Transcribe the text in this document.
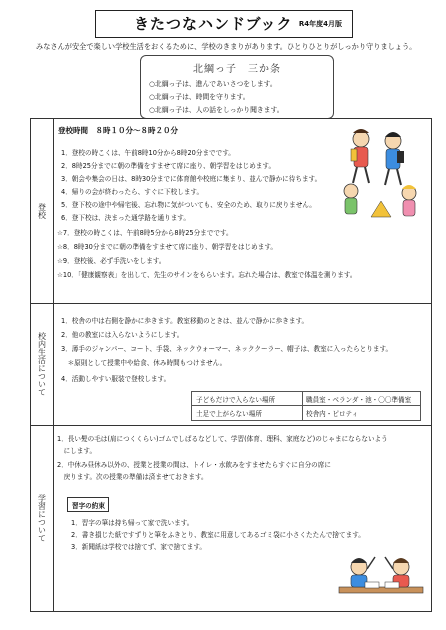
きたつなハンドブック R4年度4月版
みなさんが安全で楽しい学校生活をおくるために、学校のきまりがあります。ひとりひとりがしっかり守りましょう。
北綱っ子　三か条
○北綱っ子は、進んであいさつをします。
○北綱っ子は、時間を守ります。
○北綱っ子は、人の話をしっかり聞きます。
登校
校内生活について
学習について
登校時間　８時１０分～８時２０分
1．登校の時こくは、午前8時10分から8時20分までです。
2．8時25分までに朝の準備をすませて席に座り、朝学習をはじめます。
3．朝会や集会の日は、8時30分までに体育館や校庭に集まり、並んで静かに待ちます。
4．帰りの会が終わったら、すぐに下校します。
5．登下校の途中や帰宅後、忘れ物に気がついても、安全のため、取りに戻りません。
6．登下校は、決まった通学路を通ります。
☆7．登校の時こくは、午前8時5分から8時25分までです。
☆8．8時30分までに朝の準備をすませて席に座り、朝学習をはじめます。
☆9．登校後、必ず手洗いをします。
☆10．「健康観察表」を出して、先生のサインをもらいます。忘れた場合は、教室で体温を測ります。
1．校舎の中は右側を静かに歩きます。教室移動のときは、並んで静かに歩きます。
2．他の教室には入らないようにします。
3．薄手のジャンパー、コート、手袋、ネックウォーマー、ネッククーラー、帽子は、教室に入ったらとります。
　＊原則として授業中や給食、休み時間もつけません。
4．活動しやすい服装で登校します。
子どもだけで入らない場所	職員室・ベランダ・池・〇〇準備室
土足で上がらない場所	校舎内・ピロティ
1．長い髪の毛は(肩につくくらい)ゴムでしばるなどして、学習(体育、理科、家庭など)のじゃまにならないよう
　にします。
2．中休み昼休み以外の、授業と授業の間は、トイレ・水飲みをすませたらすぐに自分の席に
　戻ります。次の授業の準備は済ませておきます。
習字の約束
1．習字の筆は持ち帰って家で洗います。
2．書き損じた紙ですずりと筆をふきとり、教室に用意してあるゴミ袋に小さくたたんで捨てます。
3．新聞紙は学校では捨てず、家で捨てます。
